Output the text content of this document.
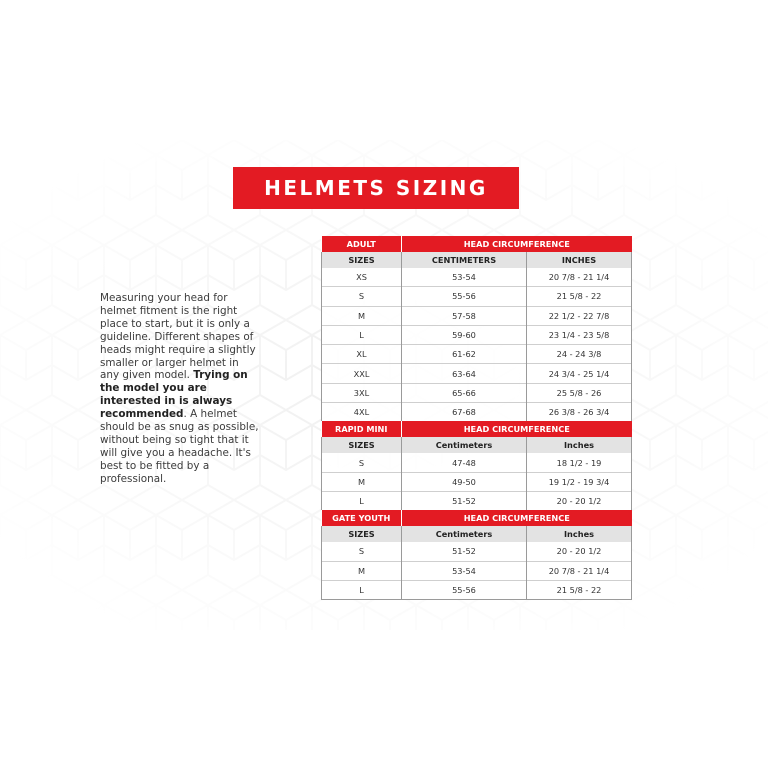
HELMETS SIZING
Measuring your head for helmet fitment is the right place to start, but it is only a guideline. Different shapes of heads might require a slightly smaller or larger helmet in any given model. Trying on the model you are interested in is always recommended. A helmet should be as snug as possible, without being so tight that it will give you a headache. It's best to be fitted by a professional.
ADULT	HEAD CIRCUMFERENCE	
SIZES	CENTIMETERS	INCHES
XS	53-54	20 7/8 - 21 1/4
S	55-56	21 5/8 - 22
M	57-58	22 1/2 - 22 7/8
L	59-60	23 1/4 - 23 5/8
XL	61-62	24 - 24 3/8
XXL	63-64	24 3/4 - 25 1/4
3XL	65-66	25 5/8 - 26
4XL	67-68	26 3/8 - 26 3/4
RAPID MINI	HEAD CIRCUMFERENCE	
SIZES	Centimeters	Inches
S	47-48	18 1/2 - 19
M	49-50	19 1/2 - 19 3/4
L	51-52	20 - 20 1/2
GATE YOUTH	HEAD CIRCUMFERENCE	
SIZES	Centimeters	Inches
S	51-52	20 - 20 1/2
M	53-54	20 7/8 - 21 1/4
L	55-56	21 5/8 - 22
